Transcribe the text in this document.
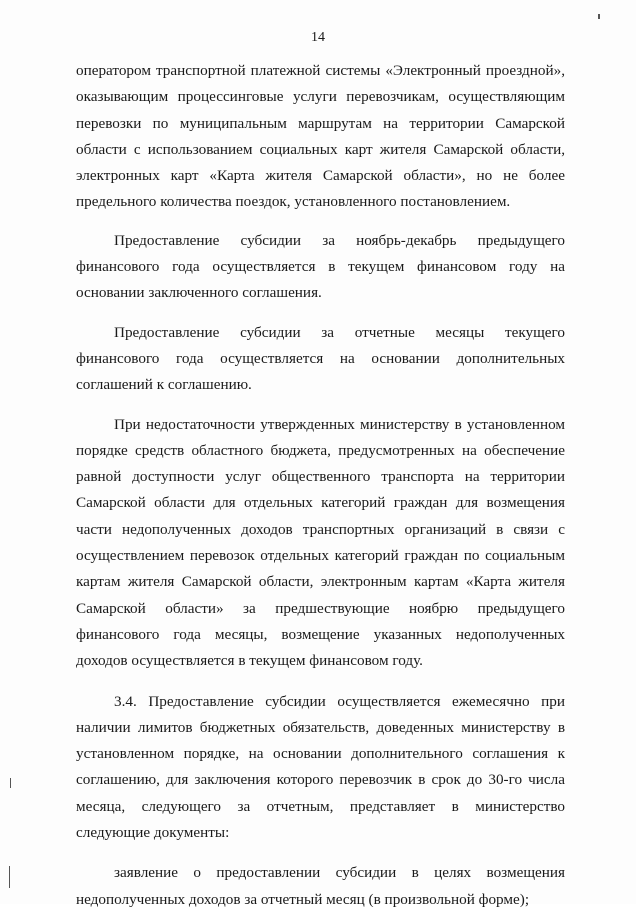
14

оператором транспортной платежной системы «Электронный проездной», оказывающим процессинговые услуги перевозчикам, осуществляющим перевозки по муниципальным маршрутам на территории Самарской области с использованием социальных карт жителя Самарской области, электронных карт «Карта жителя Самарской области», но не более предельного количества поездок, установленного постановлением.

Предоставление субсидии за ноябрь-декабрь предыдущего финансового года осуществляется в текущем финансовом году на основании заключенного соглашения.

Предоставление субсидии за отчетные месяцы текущего финансового года осуществляется на основании дополнительных соглашений к соглашению.

При недостаточности утвержденных министерству в установленном порядке средств областного бюджета, предусмотренных на обеспечение равной доступности услуг общественного транспорта на территории Самарской области для отдельных категорий граждан для возмещения части недополученных доходов транспортных организаций в связи с осуществлением перевозок отдельных категорий граждан по социальным картам жителя Самарской области, электронным картам «Карта жителя Самарской области» за предшествующие ноябрю предыдущего финансового года месяцы, возмещение указанных недополученных доходов осуществляется в текущем финансовом году.

3.4. Предоставление субсидии осуществляется ежемесячно при наличии лимитов бюджетных обязательств, доведенных министерству в установленном порядке, на основании дополнительного соглашения к соглашению, для заключения которого перевозчик в срок до 30-го числа месяца, следующего за отчетным, представляет в министерство следующие документы:

заявление о предоставлении субсидии в целях возмещения недополученных доходов за отчетный месяц (в произвольной форме);
